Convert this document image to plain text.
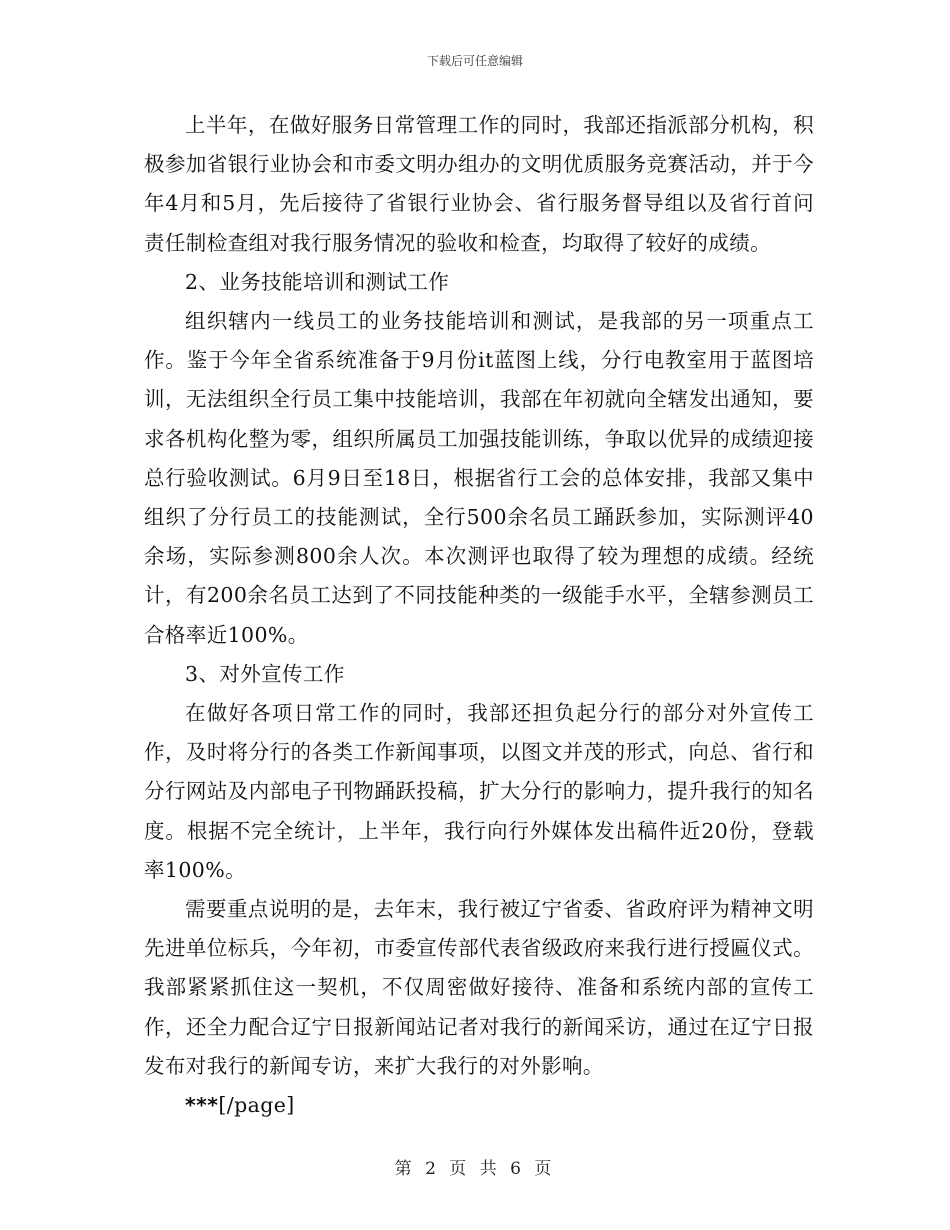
下载后可任意编辑

上半年，在做好服务日常管理工作的同时，我部还指派部分机构，积极参加省银行业协会和市委文明办组办的文明优质服务竞赛活动，并于今年4月和5月，先后接待了省银行业协会、省行服务督导组以及省行首问责任制检查组对我行服务情况的验收和检查，均取得了较好的成绩。

2、业务技能培训和测试工作

组织辖内一线员工的业务技能培训和测试，是我部的另一项重点工作。鉴于今年全省系统准备于9月份it蓝图上线，分行电教室用于蓝图培训，无法组织全行员工集中技能培训，我部在年初就向全辖发出通知，要求各机构化整为零，组织所属员工加强技能训练，争取以优异的成绩迎接总行验收测试。6月9日至18日，根据省行工会的总体安排，我部又集中组织了分行员工的技能测试，全行500余名员工踊跃参加，实际测评40余场，实际参测800余人次。本次测评也取得了较为理想的成绩。经统计，有200余名员工达到了不同技能种类的一级能手水平，全辖参测员工合格率近100%。

3、对外宣传工作

在做好各项日常工作的同时，我部还担负起分行的部分对外宣传工作，及时将分行的各类工作新闻事项，以图文并茂的形式，向总、省行和分行网站及内部电子刊物踊跃投稿，扩大分行的影响力，提升我行的知名度。根据不完全统计，上半年，我行向行外媒体发出稿件近20份，登载率100%。

需要重点说明的是，去年末，我行被辽宁省委、省政府评为精神文明先进单位标兵，今年初，市委宣传部代表省级政府来我行进行授匾仪式。我部紧紧抓住这一契机，不仅周密做好接待、准备和系统内部的宣传工作，还全力配合辽宁日报新闻站记者对我行的新闻采访，通过在辽宁日报发布对我行的新闻专访，来扩大我行的对外影响。

***[/page]

第 2 页 共 6 页
